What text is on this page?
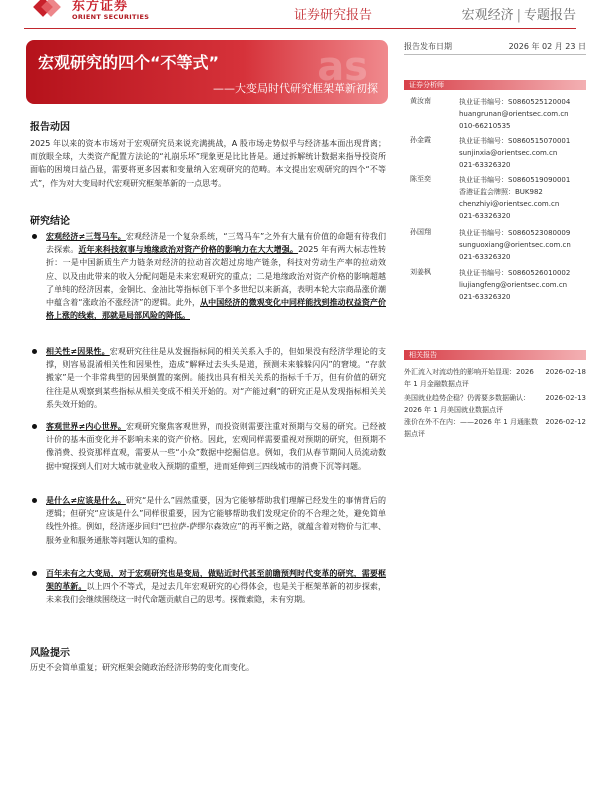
东方证券
ORIENT SECURITIES	证券研究报告	宏观经济 | 专题报告
as
宏观研究的四个“不等式”
——大变局时代研究框架革新初探
报告发布日期	2026 年 02 月 23 日
证券分析师
黄汝南	执业证书编号：S0860525120004
huangrunan@orientsec.com.cn
010-66210535
孙金霞	执业证书编号：S0860515070001
sunjinxia@orientsec.com.cn
021-63326320
陈至奕	执业证书编号：S0860519090001
香港证监会牌照：BUK982
chenzhiyi@orientsec.com.cn
021-63326320
孙国翔	执业证书编号：S0860523080009
sunguoxiang@orientsec.com.cn
021-63326320
刘姜枫	执业证书编号：S0860526010002
liujiangfeng@orientsec.com.cn
021-63326320
相关报告
外汇流入对流动性的影响开始显现：2026
年 1 月金融数据点评
2026-02-18
美国就业趋势企稳？仍需要多数据确认：
2026 年 1 月美国就业数据点评
2026-02-13
涨价在外不在内：——2026 年 1 月通胀数
据点评
2026-02-12
报告动因
2025 年以来的资本市场对于宏观研究员来说充满挑战，A 股市场走势似乎与经济基本面出现背离；而放眼全球，大类资产配置方法论的“礼崩乐坏”现象更是比比皆是。通过拆解统计数据来指导投资所面临的困境日益凸显，需要将更多因素和变量纳入宏观研究的范畴。本文提出宏观研究的四个“不等式”，作为对大变局时代宏观研究框架革新的一点思考。
研究结论
宏观经济≠三驾马车。宏观经济是一个复杂系统，“三驾马车”之外有大量有价值的命题有待我们去探索。近年来科技叙事与地缘政治对资产价格的影响力在大大增强。2025 年有两大标志性转折：一是中国新质生产力链条对经济的拉动首次超过房地产链条，科技对劳动生产率的拉动效应、以及由此带来的收入分配问题是未来宏观研究的重点；二是地缘政治对资产价格的影响超越了单纯的经济因素，金铜比、金油比等指标创下半个多世纪以来新高，表明本轮大宗商品涨价潮中蕴含着“涨政治不涨经济”的逻辑。此外，从中国经济的微观变化中同样能找到推动权益资产价格上涨的线索，那就是局部风险的降低。
相关性≠因果性。宏观研究往往是从发掘指标间的相关关系入手的，但如果没有经济学理论的支撑，则容易混淆相关性和因果性，造成“解释过去头头是道，预测未来躲躲闪闪”的窘境。“存款搬家”是一个非常典型的因果倒置的案例。能找出具有相关关系的指标千千万，但有价值的研究往往是从观察到某些指标从相关变成不相关开始的。对“产能过剩”的研究正是从发现指标相关关系失效开始的。
客观世界≠内心世界。宏观研究聚焦客观世界，而投资则需要注重对预期与交易的研究。已经被计价的基本面变化并不影响未来的资产价格。因此，宏观同样需要重视对预期的研究，但预期不像消费、投资那样直观，需要从一些“小众”数据中挖掘信息。例如，我们从春节期间人员流动数据中窥探到人们对大城市就业收入预期的重塑，进而延伸到三四线城市的消费下沉等问题。
是什么≠应该是什么。研究“是什么”固然重要，因为它能够帮助我们理解已经发生的事情背后的逻辑；但研究“应该是什么”同样很重要，因为它能够帮助我们发现定价的不合理之处，避免简单线性外推。例如，经济逐步回归“巴拉萨-萨缪尔森效应”的再平衡之路，就蕴含着对物价与汇率、服务业和服务通胀等问题认知的重构。
百年未有之大变局，对于宏观研究也是变局，做贴近时代甚至前瞻预判时代变革的研究，需要框架的革新。以上四个不等式，是过去几年宏观研究的心得体会，也是关于框架革新的初步探索，未来我们会继续围绕这一时代命题贡献自己的思考。探微索隐，未有穷期。
风险提示
历史不会简单重复；研究框架会随政治经济形势的变化而变化。
